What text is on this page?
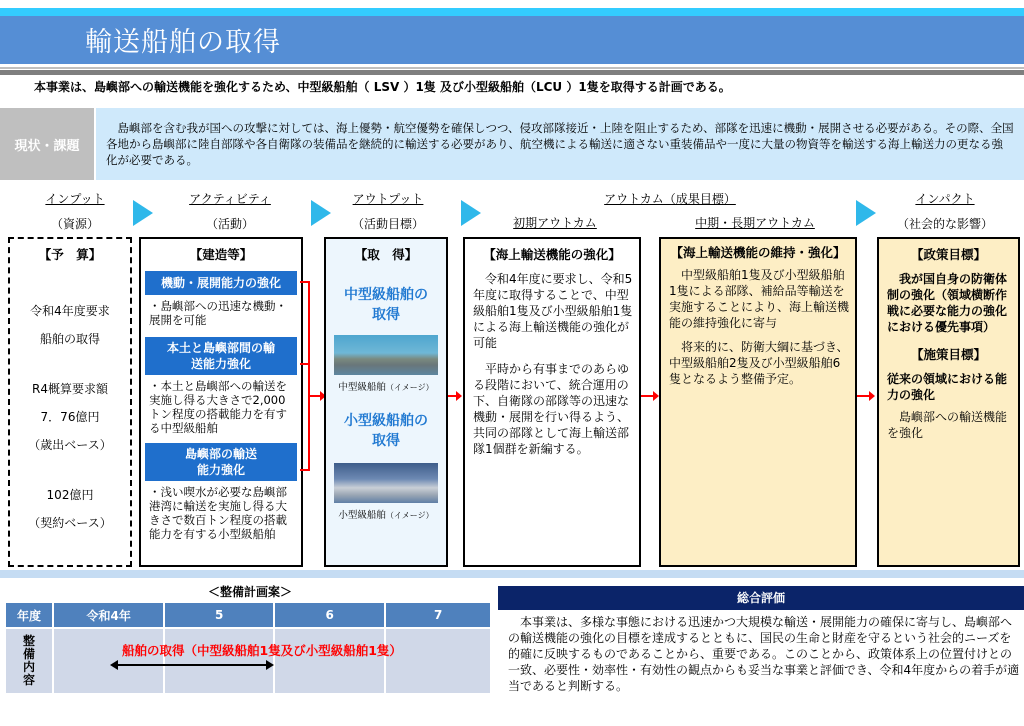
輸送船舶の取得
本事業は、島嶼部への輸送機能を強化するため、中型級船舶（ LSV ）1隻 及び小型級船舶（LCU ）1隻を取得する計画である。
現状・課題
　島嶼部を含む我が国への攻撃に対しては、海上優勢・航空優勢を確保しつつ、侵攻部隊接近・上陸を阻止するため、部隊を迅速に機動・展開させる必要がある。その際、全国各地から島嶼部に陸自部隊や各自衛隊の装備品を継続的に輸送する必要があり、航空機による輸送に適さない重装備品や一度に大量の物資等を輸送する海上輸送力の更なる強化が必要である。
インプット
（資源）
アクティビティ
（活動）
アウトプット
（活動目標）
アウトカム（成果目標）
初期アウトカム	中期・長期アウトカム
インパクト
（社会的な影響）
【予　算】
令和4年度要求
船舶の取得
R4概算要求額
7．76億円
（歳出ベース）
102億円
（契約ベース）
【建造等】
機動・展開能力の強化
・島嶼部への迅速な機動・展開を可能
本土と島嶼部間の輸送能力強化
・本土と島嶼部への輸送を実施し得る大きさで2,000トン程度の搭載能力を有する中型級船舶
島嶼部の輸送能力強化
・浅い喫水が必要な島嶼部港湾に輸送を実施し得る大きさで数百トン程度の搭載能力を有する小型級船舶
【取　得】
中型級船舶の取得
中型級船舶（イメージ）
小型級船舶の取得
小型級船舶（イメージ）
【海上輸送機能の強化】
　令和4年度に要求し、令和5年度に取得することで、中型級船舶1隻及び小型級船舶1隻による海上輸送機能の強化が可能
　平時から有事までのあらゆる段階において、統合運用の下、自衛隊の部隊等の迅速な機動・展開を行い得るよう、共同の部隊として海上輸送部隊1個群を新編する。
【海上輸送機能の維持・強化】
　中型級船舶1隻及び小型級船舶1隻による部隊、補給品等輸送を実施することにより、海上輸送機能の維持強化に寄与
　将来的に、防衛大綱に基づき、中型級船舶2隻及び小型級船舶6隻となるよう整備予定。
【政策目標】
　我が国自身の防衛体制の強化（領域横断作戦に必要な能力の強化における優先事項）
【施策目標】
従来の領域における能力の強化
　島嶼部への輸送機能を強化
＜整備計画案＞
年度	令和4年	5	6	7
整備内容				
船舶の取得（中型級船舶1隻及び小型級船舶1隻）
総合評価
　本事業は、多様な事態における迅速かつ大規模な輸送・展開能力の確保に寄与し、島嶼部への輸送機能の強化の目標を達成するとともに、国民の生命と財産を守るという社会的ニーズを的確に反映するものであることから、重要である。このことから、政策体系上の位置付けとの一致、必要性・効率性・有効性の観点からも妥当な事業と評価でき、令和4年度からの着手が適当であると判断する。
